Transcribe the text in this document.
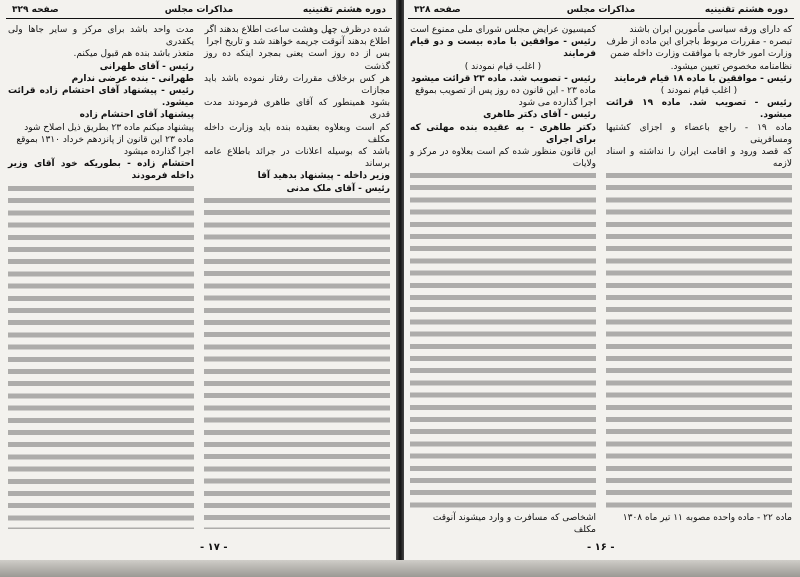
دوره هشتم تقنینیه
مذاکرات مجلس
صفحه ۳۲۹
شده درظرف چهل وهشت ساعت اطلاع بدهند اگر
اطلاع بدهند آنوقت جریمه خواهند شد و تاریخ اجرا
بس از ده روز است یعنی بمجرد اینکه ده روز گذشت
هر کس برخلاف مقررات رفتار نموده باشد باید مجازات
بشود همینطور که آقای طاهری فرمودند مدت قدری
کم است وبعلاوه بعقیده بنده باید وزارت داخله مکلف
باشد که بوسیله اعلانات در جرائد باطلاع عامه برساند
وزیر داخله - پیشنهاد بدهید آقا
رئیس - آقای ملک مدنی
مدت واحد باشد برای مرکز و سایر جاها ولی یکقدری
متعذر باشد بنده هم قبول میکنم.
رئیس - آقای طهرانی
طهرانی - بنده عرضی ندارم
رئیس - پیشنهاد آقای احتشام زاده قرائت میشود.
پیشنهاد آقای احتشام زاده
پیشنهاد میکنم ماده ۲۳ بطریق ذیل اصلاح شود
ماده ۲۳ این قانون از پانزدهم خرداد ۱۳۱۰ بموقع
اجرا گذارده میشود
احتشام زاده - بطوریکه خود آقای وزیر داخله فرمودند
- ۱۷ -
دوره هشتم تقنینیه
مذاکرات مجلس
صفحه ۳۲۸
که دارای ورقه سیاسی مأمورین ایران باشند
تبصره - مقررات مربوط باجرای این ماده از طرف
وزارت امور خارجه با موافقت وزارت داخله ضمن
نظامنامه مخصوص تعیین میشود.
رئیس - موافقین با ماده ۱۸ قیام فرمایند
( اغلب قیام نمودند )
رئیس - تصویب شد. ماده ۱۹ قرائت میشود.
ماده ۱۹ - راجع باعضاء و اجزای کشتیها ومسافرینی
که قصد ورود و اقامت ایران را نداشته و اسناد لازمه
کمیسیون عرایض مجلس شورای ملی ممنوع است
رئیس - موافقین با ماده بیست و دو قیام فرمایند
( اغلب قیام نمودند )
رئیس - تصویب شد. ماده ۲۳ قرائت میشود
ماده ۲۳ - این قانون ده روز پس از تصویب بموقع
اجرا گذارده می شود
رئیس - آقای دکتر طاهری
دکتر طاهری - به عقیده بنده مهلتی که برای اجرای
این قانون منظور شده کم است بعلاوه در مرکز و ولایات
ماده ۲۲ - ماده واحده مصوبه ۱۱ تیر ماه ۱۳۰۸
اشخاصی که مسافرت و وارد میشوند آنوقت مکلف
- ۱۶ -
